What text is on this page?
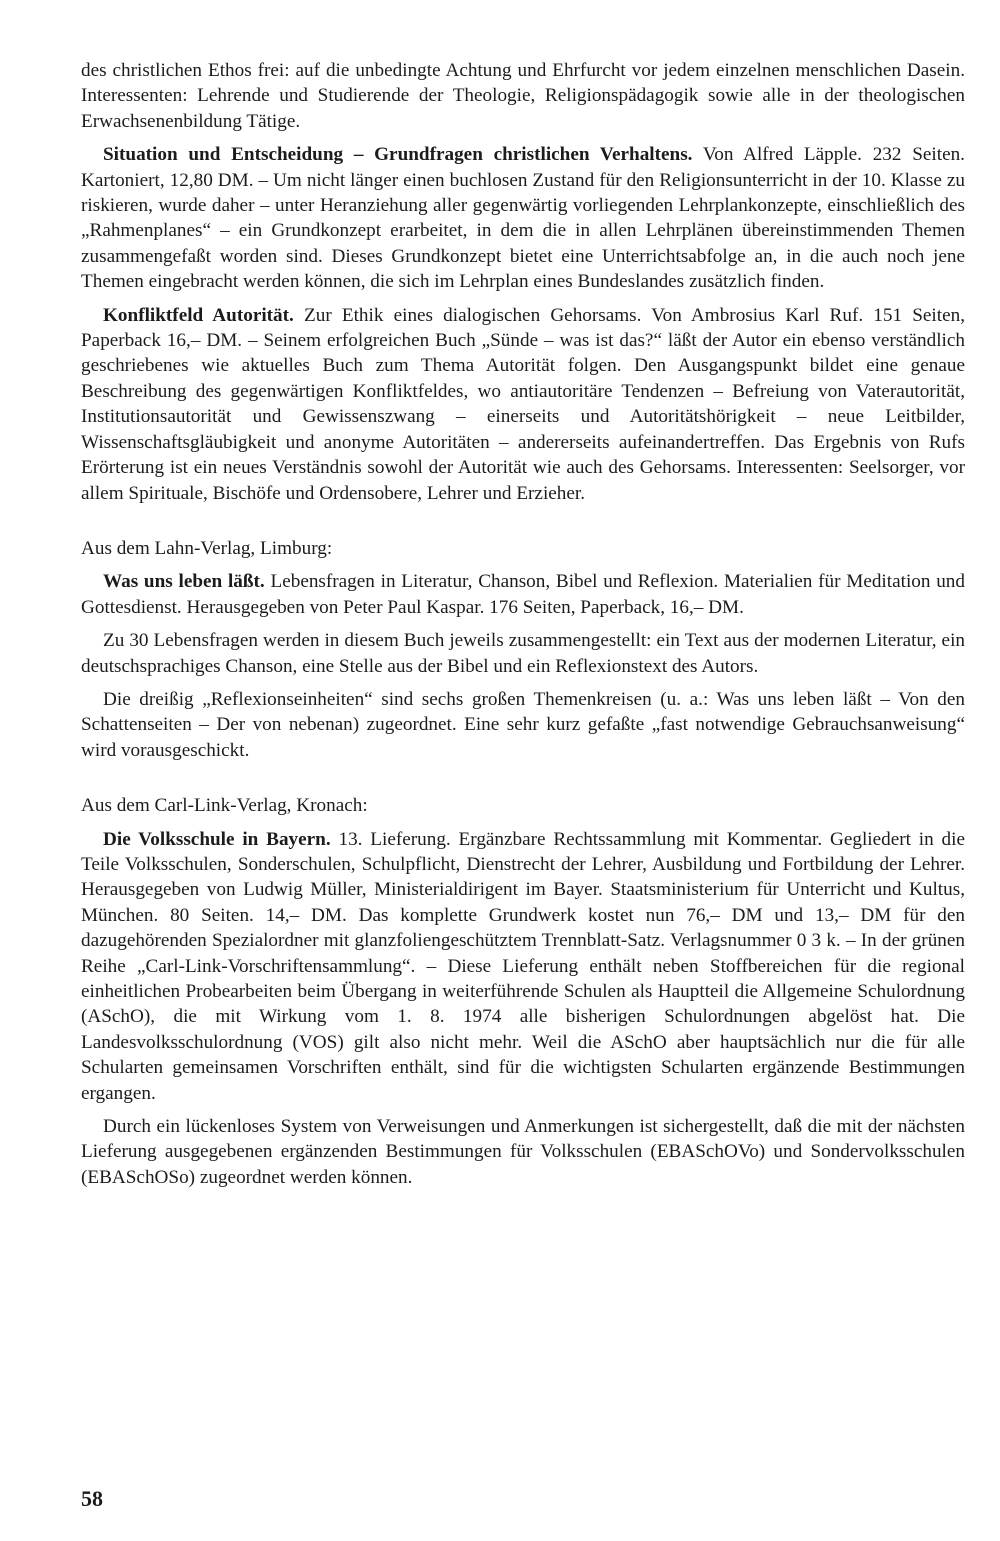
des christlichen Ethos frei: auf die unbedingte Achtung und Ehrfurcht vor jedem einzelnen menschlichen Dasein. Interessenten: Lehrende und Studierende der Theologie, Religionspädagogik sowie alle in der theologischen Erwachsenenbildung Tätige.

Situation und Entscheidung – Grundfragen christlichen Verhaltens. Von Alfred Läpple. 232 Seiten. Kartoniert, 12,80 DM. – Um nicht länger einen buchlosen Zustand für den Religionsunterricht in der 10. Klasse zu riskieren, wurde daher – unter Heranziehung aller gegenwärtig vorliegenden Lehrplankonzepte, einschließlich des „Rahmenplanes“ – ein Grundkonzept erarbeitet, in dem die in allen Lehrplänen übereinstimmenden Themen zusammengefaßt worden sind. Dieses Grundkonzept bietet eine Unterrichtsabfolge an, in die auch noch jene Themen eingebracht werden können, die sich im Lehrplan eines Bundeslandes zusätzlich finden.

Konfliktfeld Autorität. Zur Ethik eines dialogischen Gehorsams. Von Ambrosius Karl Ruf. 151 Seiten, Paperback 16,– DM. – Seinem erfolgreichen Buch „Sünde – was ist das?“ läßt der Autor ein ebenso verständlich geschriebenes wie aktuelles Buch zum Thema Autorität folgen. Den Ausgangspunkt bildet eine genaue Beschreibung des gegenwärtigen Konfliktfeldes, wo antiautoritäre Tendenzen – Befreiung von Vaterautorität, Institutionsautorität und Gewissenszwang – einerseits und Autoritätshörigkeit – neue Leitbilder, Wissenschaftsgläubigkeit und anonyme Autoritäten – andererseits aufeinandertreffen. Das Ergebnis von Rufs Erörterung ist ein neues Verständnis sowohl der Autorität wie auch des Gehorsams. Interessenten: Seelsorger, vor allem Spirituale, Bischöfe und Ordensobere, Lehrer und Erzieher.

Aus dem Lahn-Verlag, Limburg:

Was uns leben läßt. Lebensfragen in Literatur, Chanson, Bibel und Reflexion. Materialien für Meditation und Gottesdienst. Herausgegeben von Peter Paul Kaspar. 176 Seiten, Paperback, 16,– DM.

Zu 30 Lebensfragen werden in diesem Buch jeweils zusammengestellt: ein Text aus der modernen Literatur, ein deutschsprachiges Chanson, eine Stelle aus der Bibel und ein Reflexionstext des Autors.

Die dreißig „Reflexionseinheiten“ sind sechs großen Themenkreisen (u. a.: Was uns leben läßt – Von den Schattenseiten – Der von nebenan) zugeordnet. Eine sehr kurz gefaßte „fast notwendige Gebrauchsanweisung“ wird vorausgeschickt.

Aus dem Carl-Link-Verlag, Kronach:

Die Volksschule in Bayern. 13. Lieferung. Ergänzbare Rechtssammlung mit Kommentar. Gegliedert in die Teile Volksschulen, Sonderschulen, Schulpflicht, Dienstrecht der Lehrer, Ausbildung und Fortbildung der Lehrer. Herausgegeben von Ludwig Müller, Ministerialdirigent im Bayer. Staatsministerium für Unterricht und Kultus, München. 80 Seiten. 14,– DM. Das komplette Grundwerk kostet nun 76,– DM und 13,– DM für den dazugehörenden Spezialordner mit glanzfoliengeschütztem Trennblatt-Satz. Verlagsnummer 0 3 k. – In der grünen Reihe „Carl-Link-Vorschriftensammlung“. – Diese Lieferung enthält neben Stoffbereichen für die regional einheitlichen Probearbeiten beim Übergang in weiterführende Schulen als Hauptteil die Allgemeine Schulordnung (ASchO), die mit Wirkung vom 1. 8. 1974 alle bisherigen Schulordnungen abgelöst hat. Die Landesvolksschulordnung (VOS) gilt also nicht mehr. Weil die ASchO aber hauptsächlich nur die für alle Schularten gemeinsamen Vorschriften enthält, sind für die wichtigsten Schularten ergänzende Bestimmungen ergangen.

Durch ein lückenloses System von Verweisungen und Anmerkungen ist sichergestellt, daß die mit der nächsten Lieferung ausgegebenen ergänzenden Bestimmungen für Volksschulen (EBASchOVo) und Sondervolksschulen (EBASchOSo) zugeordnet werden können.

58
